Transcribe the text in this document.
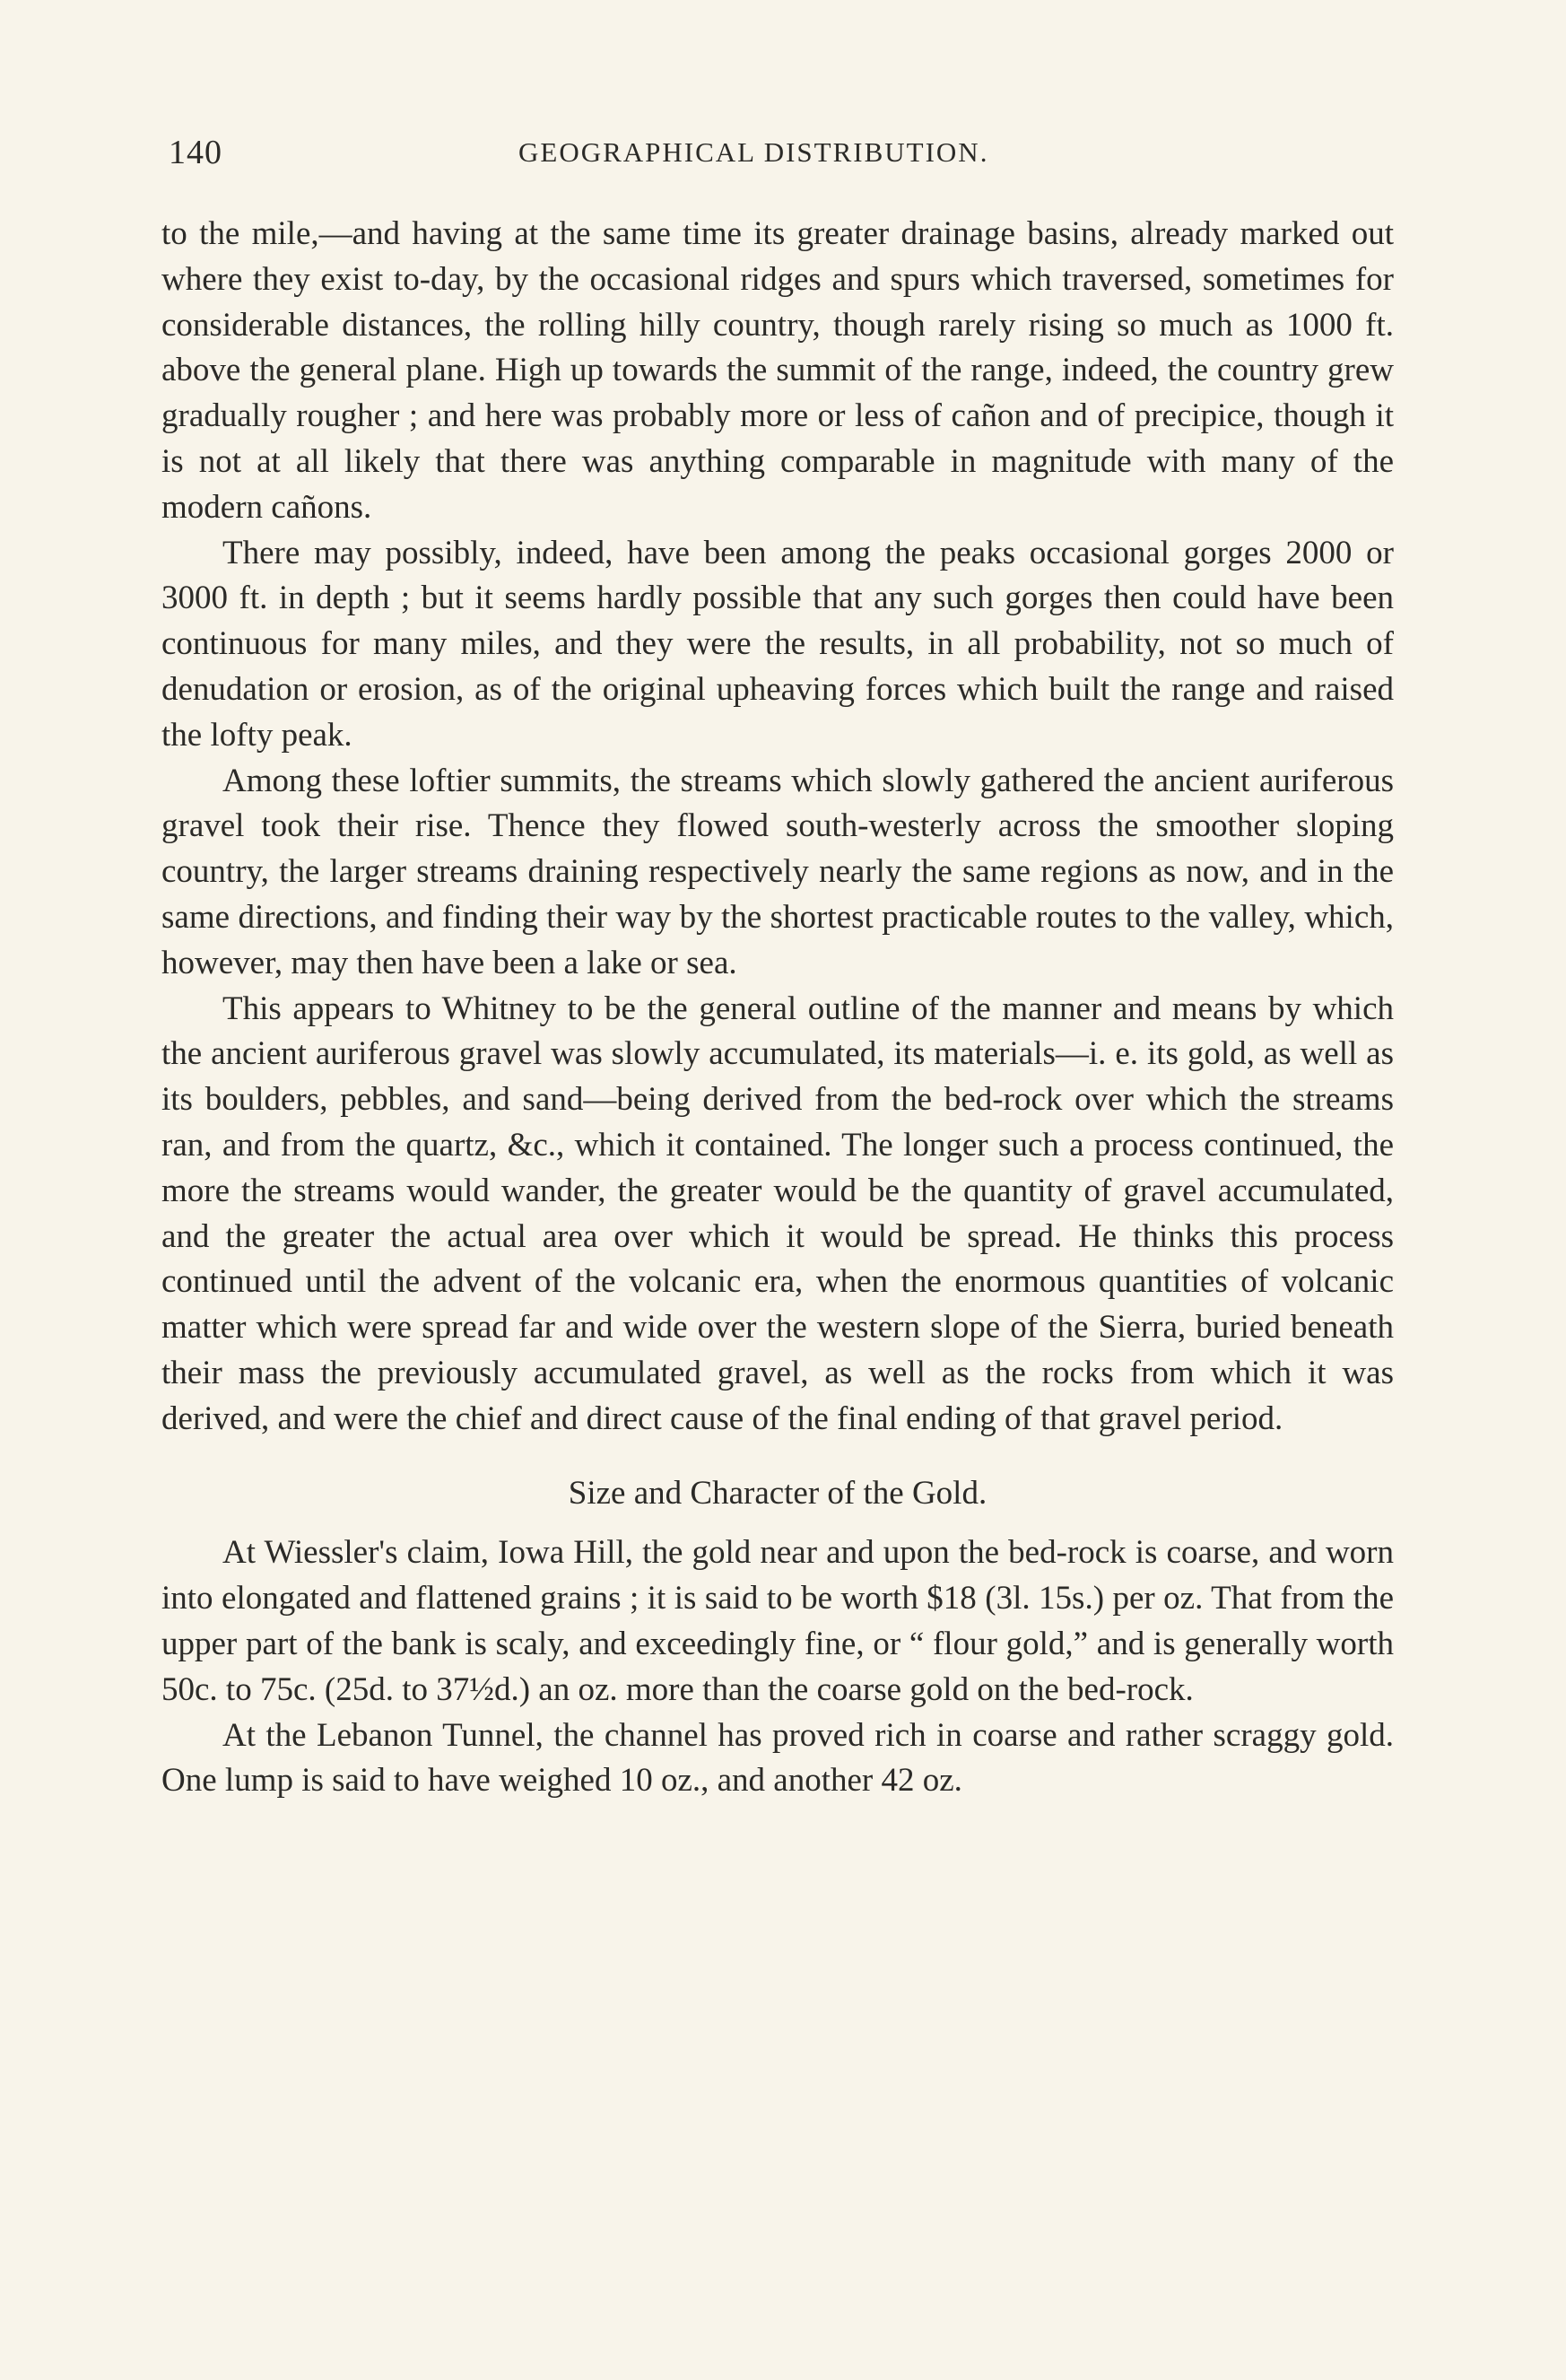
140	GEOGRAPHICAL DISTRIBUTION.

to the mile,—and having at the same time its greater drainage basins, already marked out where they exist to-day, by the occasional ridges and spurs which traversed, sometimes for considerable distances, the rolling hilly country, though rarely rising so much as 1000 ft. above the general plane. High up towards the summit of the range, indeed, the country grew gradually rougher ; and here was probably more or less of cañon and of precipice, though it is not at all likely that there was anything comparable in magnitude with many of the modern cañons.

There may possibly, indeed, have been among the peaks occasional gorges 2000 or 3000 ft. in depth ; but it seems hardly possible that any such gorges then could have been continuous for many miles, and they were the results, in all probability, not so much of denudation or erosion, as of the original upheaving forces which built the range and raised the lofty peak.

Among these loftier summits, the streams which slowly gathered the ancient auriferous gravel took their rise. Thence they flowed south-westerly across the smoother sloping country, the larger streams draining respectively nearly the same regions as now, and in the same directions, and finding their way by the shortest practicable routes to the valley, which, however, may then have been a lake or sea.

This appears to Whitney to be the general outline of the manner and means by which the ancient auriferous gravel was slowly accumulated, its materials—i. e. its gold, as well as its boulders, pebbles, and sand—being derived from the bed-rock over which the streams ran, and from the quartz, &c., which it contained. The longer such a process continued, the more the streams would wander, the greater would be the quantity of gravel accumulated, and the greater the actual area over which it would be spread. He thinks this process continued until the advent of the volcanic era, when the enormous quantities of volcanic matter which were spread far and wide over the western slope of the Sierra, buried beneath their mass the previously accumulated gravel, as well as the rocks from which it was derived, and were the chief and direct cause of the final ending of that gravel period.

Size and Character of the Gold.

At Wiessler's claim, Iowa Hill, the gold near and upon the bed-rock is coarse, and worn into elongated and flattened grains ; it is said to be worth $18 (3l. 15s.) per oz. That from the upper part of the bank is scaly, and exceedingly fine, or “ flour gold,” and is generally worth 50c. to 75c. (25d. to 37½d.) an oz. more than the coarse gold on the bed-rock.

At the Lebanon Tunnel, the channel has proved rich in coarse and rather scraggy gold. One lump is said to have weighed 10 oz., and another 42 oz.
